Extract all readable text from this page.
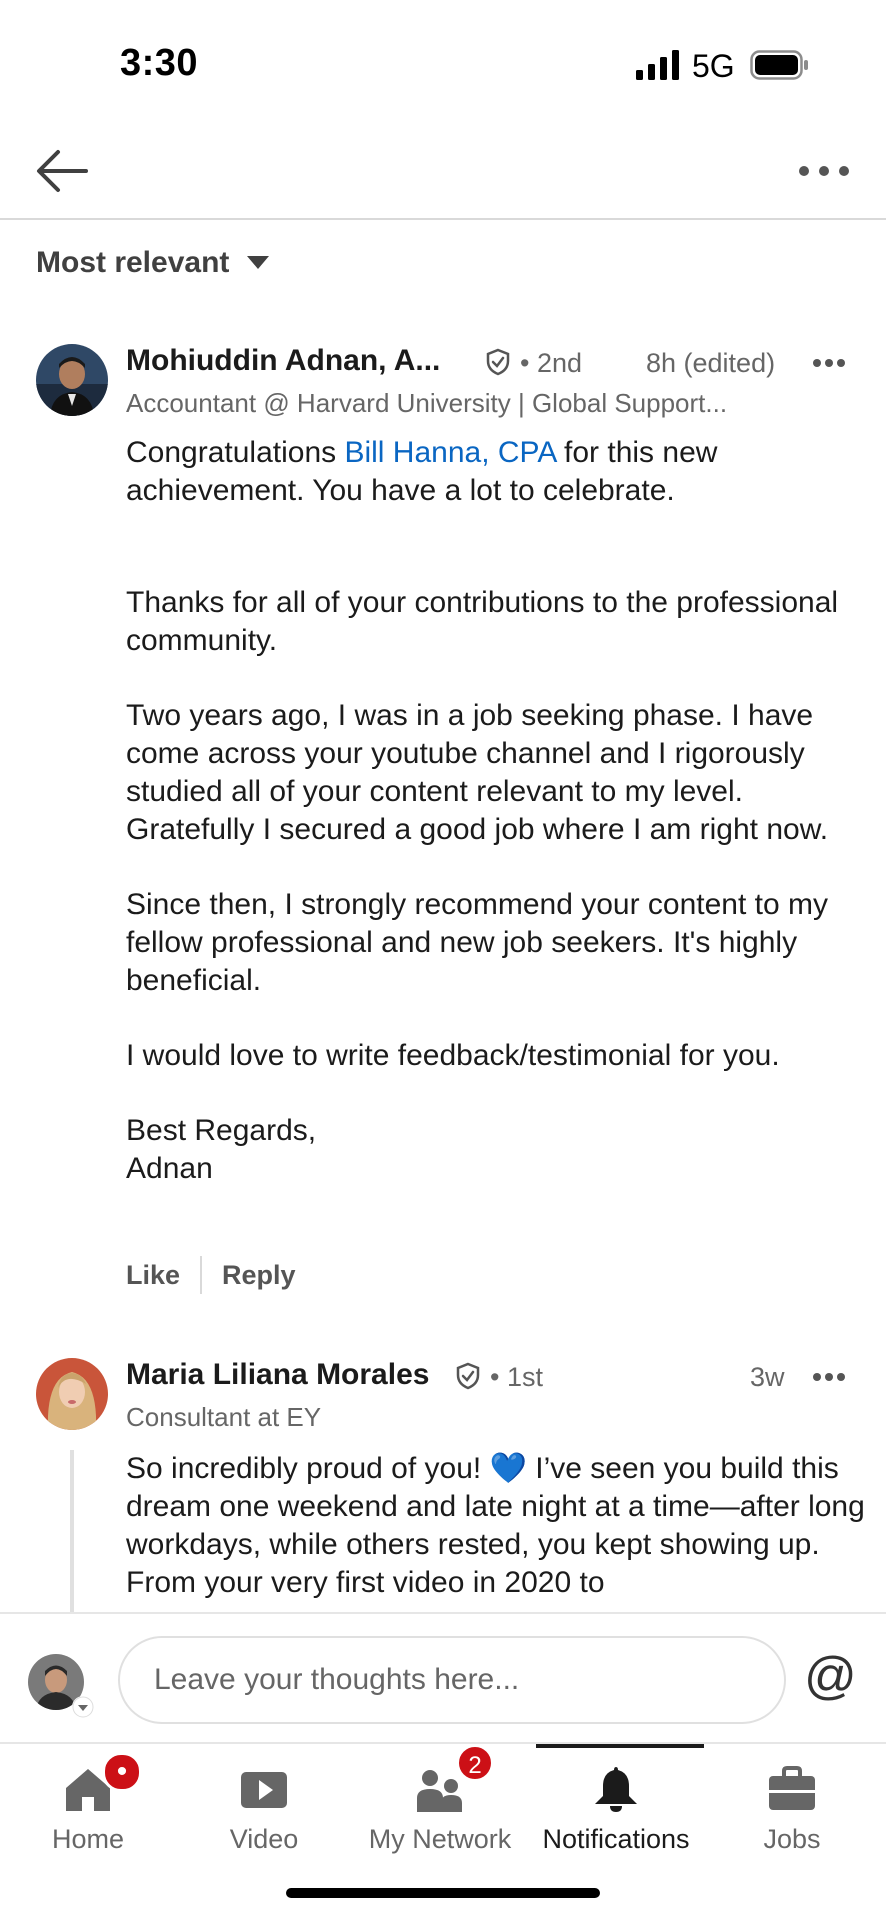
3:30	5G
Most relevant
Mohiuddin Adnan, A...	• 2nd 8h (edited)
Accountant @ Harvard University | Global Support...

Congratulations Bill Hanna, CPA for this new achievement. You have a lot to celebrate.

Thanks for all of your contributions to the professional community.

Two years ago, I was in a job seeking phase. I have come across your youtube channel and I rigorously studied all of your content relevant to my level. Gratefully I secured a good job where I am right now.

Since then, I strongly recommend your content to my fellow professional and new job seekers. It's highly beneficial.

I would love to write feedback/testimonial for you.

Best Regards,

Adnan

Like Reply
Maria Liliana Morales • 1st	3w
Consultant at EY

So incredibly proud of you! 💙 I’ve seen you build this dream one weekend and late night at a time—after long workdays, while others rested, you kept showing up. From your very first video in 2020 to

Leave your thoughts here...
@
•
Home	Video
2
My Network	Notifications	Jobs
